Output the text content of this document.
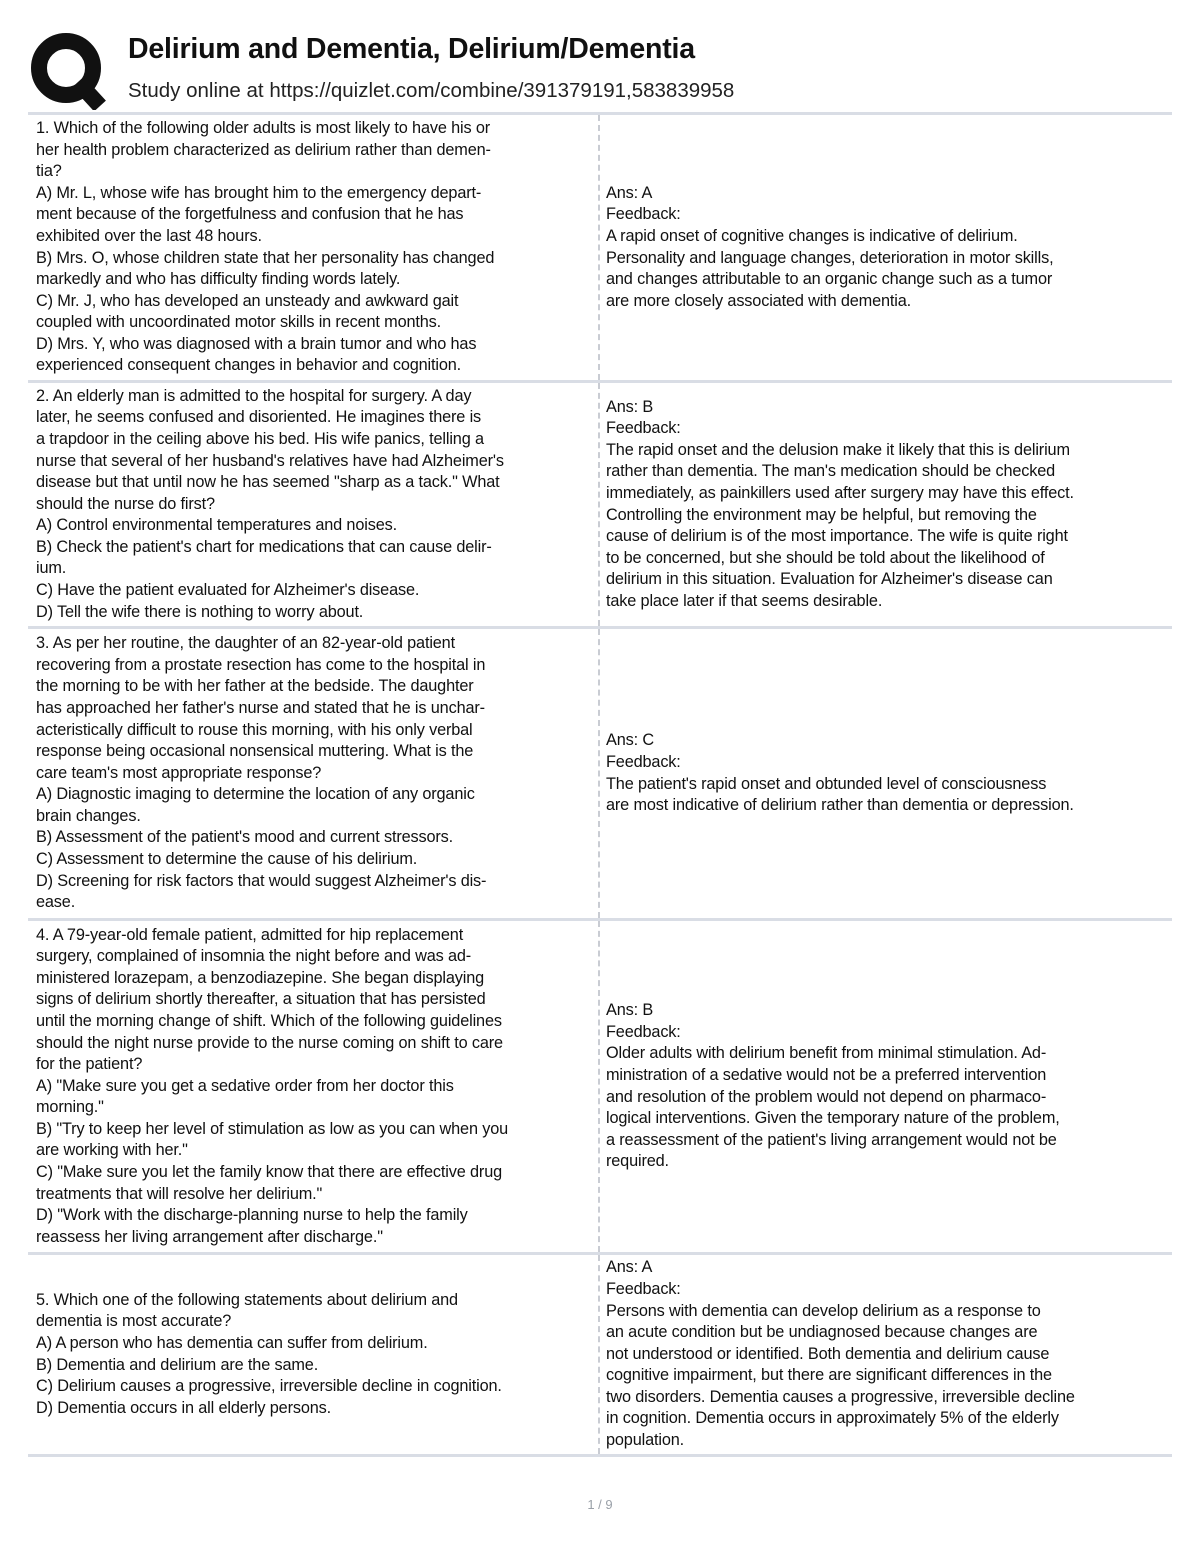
Delirium and Dementia, Delirium/Dementia
Study online at https://quizlet.com/combine/391379191,583839958
1. Which of the following older adults is most likely to have his or
her health problem characterized as delirium rather than demen-
tia?
A) Mr. L, whose wife has brought him to the emergency depart-
ment because of the forgetfulness and confusion that he has
exhibited over the last 48 hours.
B) Mrs. O, whose children state that her personality has changed
markedly and who has difficulty finding words lately.
C) Mr. J, who has developed an unsteady and awkward gait
coupled with uncoordinated motor skills in recent months.
D) Mrs. Y, who was diagnosed with a brain tumor and who has
experienced consequent changes in behavior and cognition.
Ans: A
Feedback:
A rapid onset of cognitive changes is indicative of delirium.
Personality and language changes, deterioration in motor skills,
and changes attributable to an organic change such as a tumor
are more closely associated with dementia.
2. An elderly man is admitted to the hospital for surgery. A day
later, he seems confused and disoriented. He imagines there is
a trapdoor in the ceiling above his bed. His wife panics, telling a
nurse that several of her husband's relatives have had Alzheimer's
disease but that until now he has seemed "sharp as a tack." What
should the nurse do first?
A) Control environmental temperatures and noises.
B) Check the patient's chart for medications that can cause delir-
ium.
C) Have the patient evaluated for Alzheimer's disease.
D) Tell the wife there is nothing to worry about.
Ans: B
Feedback:
The rapid onset and the delusion make it likely that this is delirium
rather than dementia. The man's medication should be checked
immediately, as painkillers used after surgery may have this effect.
Controlling the environment may be helpful, but removing the
cause of delirium is of the most importance. The wife is quite right
to be concerned, but she should be told about the likelihood of
delirium in this situation. Evaluation for Alzheimer's disease can
take place later if that seems desirable.
3. As per her routine, the daughter of an 82-year-old patient
recovering from a prostate resection has come to the hospital in
the morning to be with her father at the bedside. The daughter
has approached her father's nurse and stated that he is unchar-
acteristically difficult to rouse this morning, with his only verbal
response being occasional nonsensical muttering. What is the
care team's most appropriate response?
A) Diagnostic imaging to determine the location of any organic
brain changes.
B) Assessment of the patient's mood and current stressors.
C) Assessment to determine the cause of his delirium.
D) Screening for risk factors that would suggest Alzheimer's dis-
ease.
Ans: C
Feedback:
The patient's rapid onset and obtunded level of consciousness
are most indicative of delirium rather than dementia or depression.
4. A 79-year-old female patient, admitted for hip replacement
surgery, complained of insomnia the night before and was ad-
ministered lorazepam, a benzodiazepine. She began displaying
signs of delirium shortly thereafter, a situation that has persisted
until the morning change of shift. Which of the following guidelines
should the night nurse provide to the nurse coming on shift to care
for the patient?
A) "Make sure you get a sedative order from her doctor this
morning."
B) "Try to keep her level of stimulation as low as you can when you
are working with her."
C) "Make sure you let the family know that there are effective drug
treatments that will resolve her delirium."
D) "Work with the discharge-planning nurse to help the family
reassess her living arrangement after discharge."
Ans: B
Feedback:
Older adults with delirium benefit from minimal stimulation. Ad-
ministration of a sedative would not be a preferred intervention
and resolution of the problem would not depend on pharmaco-
logical interventions. Given the temporary nature of the problem,
a reassessment of the patient's living arrangement would not be
required.
5. Which one of the following statements about delirium and
dementia is most accurate?
A) A person who has dementia can suffer from delirium.
B) Dementia and delirium are the same.
C) Delirium causes a progressive, irreversible decline in cognition.
D) Dementia occurs in all elderly persons.
Ans: A
Feedback:
Persons with dementia can develop delirium as a response to
an acute condition but be undiagnosed because changes are
not understood or identified. Both dementia and delirium cause
cognitive impairment, but there are significant differences in the
two disorders. Dementia causes a progressive, irreversible decline
in cognition. Dementia occurs in approximately 5% of the elderly
population.
1 / 9
